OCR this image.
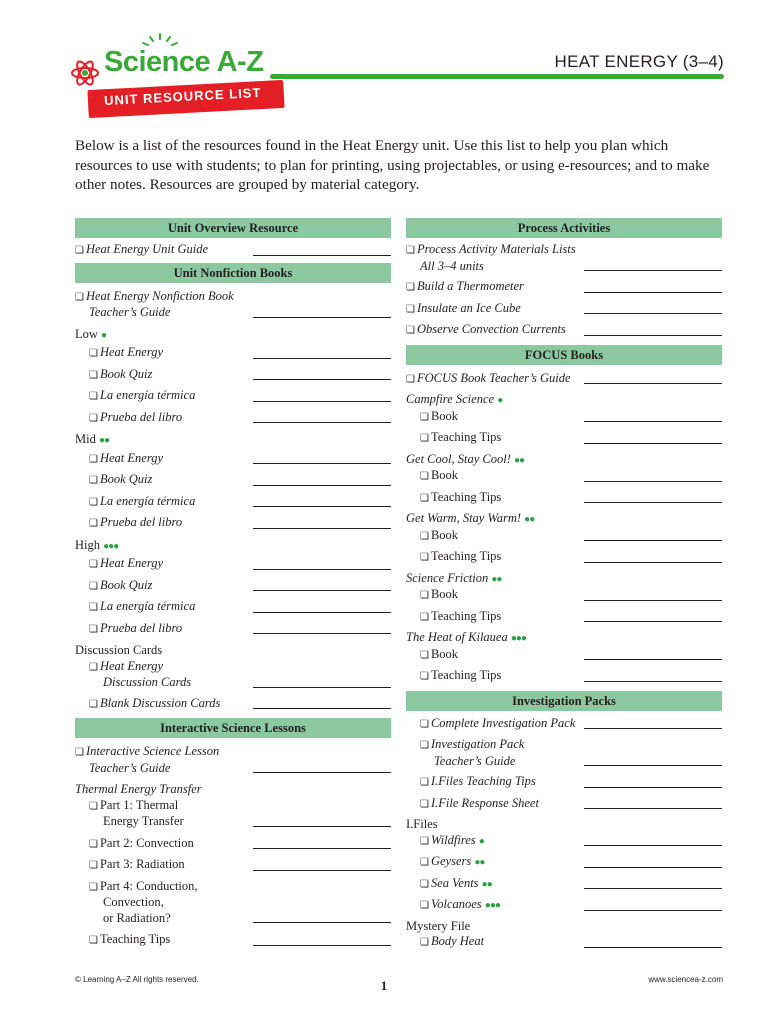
Science A-Z
UNIT RESOURCE LIST
HEAT ENERGY (3–4)

Below is a list of the resources found in the Heat Energy unit. Use this list to help you plan which resources to use with students; to plan for printing, using projectables, or using e-resources; and to make other notes. Resources are grouped by material category.

Unit Overview Resource
❏ Heat Energy Unit Guide
Unit Nonfiction Books
❏ Heat Energy Nonfiction Book
Teacher’s Guide
Low ●
❏ Heat Energy
❏ Book Quiz
❏ La energía térmica
❏ Prueba del libro
Mid ●●
❏ Heat Energy
❏ Book Quiz
❏ La energía térmica
❏ Prueba del libro
High ●●●
❏ Heat Energy
❏ Book Quiz
❏ La energía térmica
❏ Prueba del libro
Discussion Cards
❏ Heat Energy
Discussion Cards
❏ Blank Discussion Cards
Interactive Science Lessons
❏ Interactive Science Lesson
Teacher’s Guide
Thermal Energy Transfer
❏ Part 1: Thermal
Energy Transfer
❏ Part 2: Convection
❏ Part 3: Radiation
❏ Part 4: Conduction,
Convection,
or Radiation?
❏ Teaching Tips
Process Activities
❏ Process Activity Materials Lists
All 3–4 units
❏ Build a Thermometer
❏ Insulate an Ice Cube
❏ Observe Convection Currents
FOCUS Books
❏ FOCUS Book Teacher’s Guide
Campfire Science ●
❏ Book
❏ Teaching Tips
Get Cool, Stay Cool! ●●
❏ Book
❏ Teaching Tips
Get Warm, Stay Warm! ●●
❏ Book
❏ Teaching Tips
Science Friction ●●
❏ Book
❏ Teaching Tips
The Heat of Kilauea ●●●
❏ Book
❏ Teaching Tips
Investigation Packs
❏ Complete Investigation Pack
❏ Investigation Pack
Teacher’s Guide
❏ I.Files Teaching Tips
❏ I.File Response Sheet
I.Files
❏ Wildfires ●
❏ Geysers ●●
❏ Sea Vents ●●
❏ Volcanoes ●●●
Mystery File
❏ Body Heat
© Learning A–Z All rights reserved.	1	www.sciencea-z.com
